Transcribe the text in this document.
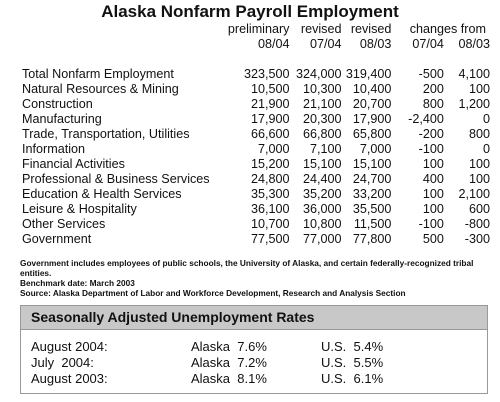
Alaska Nonfarm Payroll Employment
	preliminary	revised	revised	changes from	
	08/04	07/04	08/03	07/04	08/03

Total Nonfarm Employment	323,500	324,000	319,400	-500	4,100
Natural Resources & Mining	10,500	10,300	10,400	200	100
Construction	21,900	21,100	20,700	800	1,200
Manufacturing	17,900	20,300	17,900	-2,400	0
Trade, Transportation, Utilities	66,600	66,800	65,800	-200	800
Information	7,000	7,100	7,000	-100	0
Financial Activities	15,200	15,100	15,100	100	100
Professional & Business Services	24,800	24,400	24,700	400	100
Education & Health Services	35,300	35,200	33,200	100	2,100
Leisure & Hospitality	36,100	36,000	35,500	100	600
Other Services	10,700	10,800	11,500	-100	-800
Government	77,500	77,000	77,800	500	-300
Government includes employees of public schools, the University of Alaska, and certain federally-recognized tribal entities.
Benchmark date: March 2003
Source: Alaska Department of Labor and Workforce Development, Research and Analysis Section
Seasonally Adjusted Unemployment Rates
August 2004:	Alaska  7.6%	U.S.  5.4%
July  2004:	Alaska  7.2%	U.S.  5.5%
August 2003:	Alaska  8.1%	U.S.  6.1%
